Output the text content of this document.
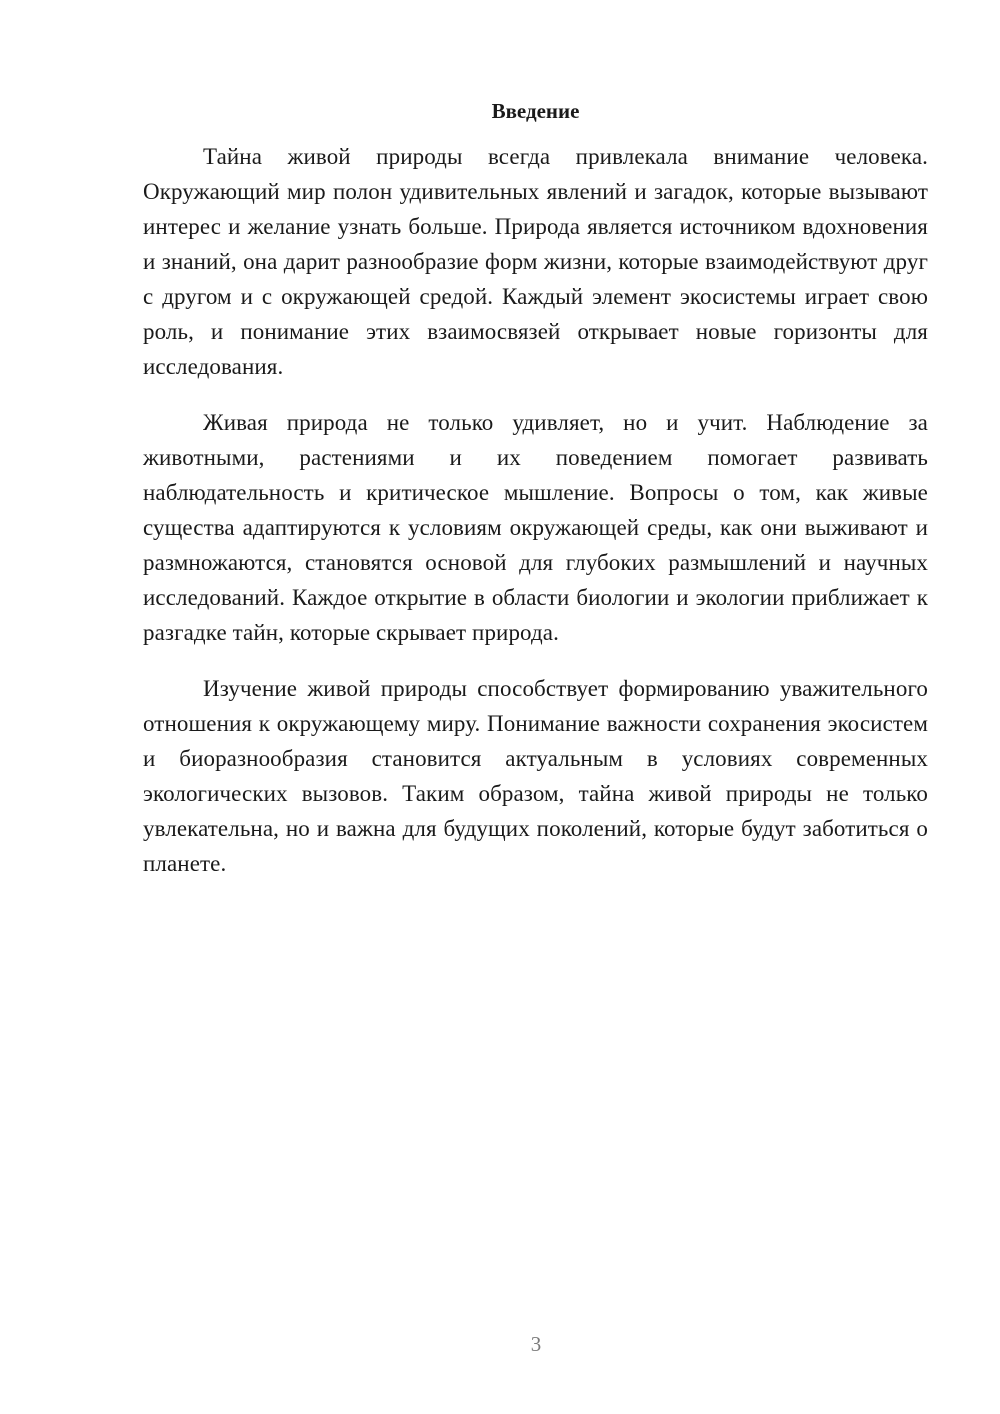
Введение

Тайна живой природы всегда привлекала внимание человека. Окружающий мир полон удивительных явлений и загадок, которые вызывают интерес и желание узнать больше. Природа является источником вдохновения и знаний, она дарит разнообразие форм жизни, которые взаимодействуют друг с другом и с окружающей средой. Каждый элемент экосистемы играет свою роль, и понимание этих взаимосвязей открывает новые горизонты для исследования.

Живая природа не только удивляет, но и учит. Наблюдение за животными, растениями и их поведением помогает развивать наблюдательность и критическое мышление. Вопросы о том, как живые существа адаптируются к условиям окружающей среды, как они выживают и размножаются, становятся основой для глубоких размышлений и научных исследований. Каждое открытие в области биологии и экологии приближает к разгадке тайн, которые скрывает природа.

Изучение живой природы способствует формированию уважительного отношения к окружающему миру. Понимание важности сохранения экосистем и биоразнообразия становится актуальным в условиях современных экологических вызовов. Таким образом, тайна живой природы не только увлекательна, но и важна для будущих поколений, которые будут заботиться о планете.

3
